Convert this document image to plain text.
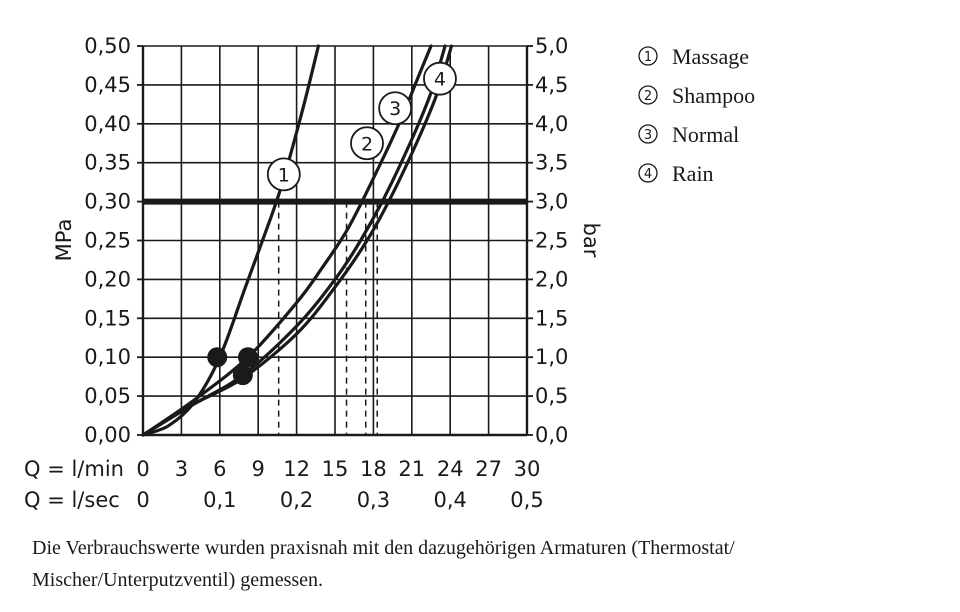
1
2
3
4
0,00
0,05
0,10
0,15
0,20
0,25
0,30
0,35
0,40
0,45
0,50
0,0
0,5
1,0
1,5
2,0
2,5
3,0
3,5
4,0
4,5
5,0
Q = l/min 0 3 6 9 12 15 18 21 24 27 30
Q = l/sec 0	0,1 0,2 0,3 0,4 0,5
MPa	bar
1 Massage
2 Shampoo
3 Normal
4 Rain
Die Verbrauchswerte wurden praxisnah mit den dazugehörigen Armaturen (Thermostat/
Mischer/Unterputzventil) gemessen.
